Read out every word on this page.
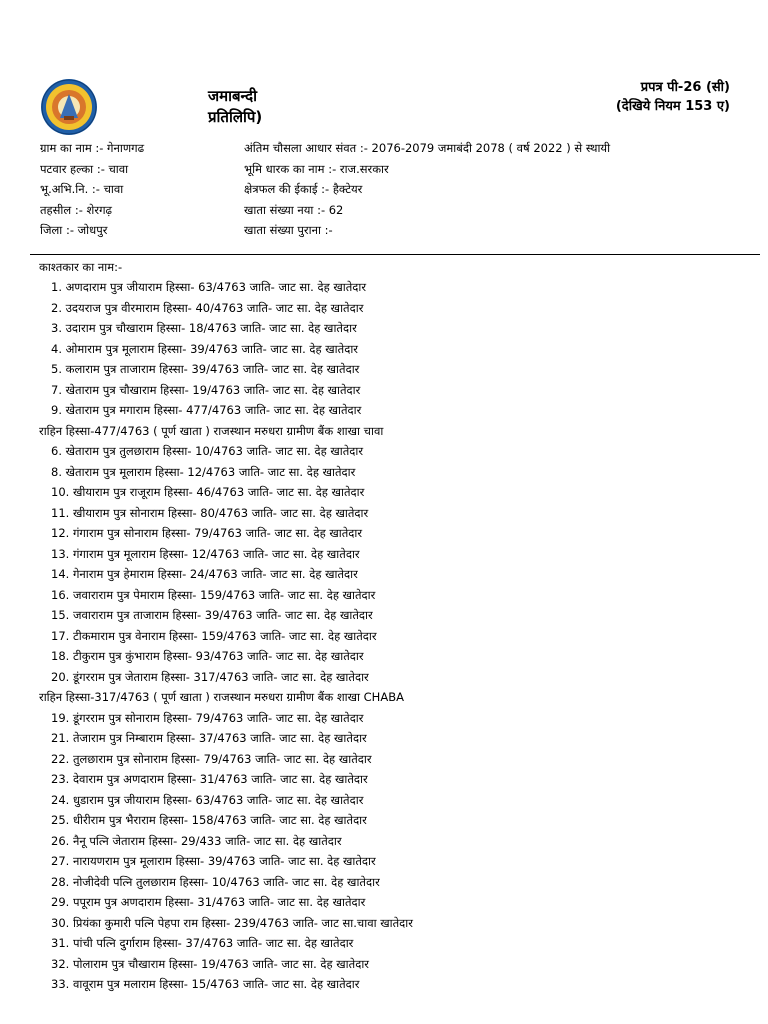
जमाबन्दी
प्रतिलिपि)
प्रपत्र पी-26 (सी)
(देखिये नियम 153 ए)
ग्राम का नाम :- गेनाणगढ
पटवार हल्का :- चावा
भू.अभि.नि. :- चावा
तहसील :- शेरगढ़
जिला :- जोधपुर
अंतिम चौसला आधार संवत :- 2076-2079 जमाबंदी 2078 ( वर्ष 2022 ) से स्थायी
भूमि धारक का नाम :- राज.सरकार
क्षेत्रफल की ईकाई :- हैक्टेयर
खाता संख्या नया :- 62
खाता संख्या पुराना :-
काश्तकार का नाम:-
1. अणदाराम पुत्र जीयाराम हिस्सा- 63/4763 जाति- जाट सा. देह खातेदार
2. उदयराज पुत्र वीरमाराम हिस्सा- 40/4763 जाति- जाट सा. देह खातेदार
3. उदाराम पुत्र चौखाराम हिस्सा- 18/4763 जाति- जाट सा. देह खातेदार
4. ओमाराम पुत्र मूलाराम हिस्सा- 39/4763 जाति- जाट सा. देह खातेदार
5. कलाराम पुत्र ताजाराम हिस्सा- 39/4763 जाति- जाट सा. देह खातेदार
7. खेताराम पुत्र चौखाराम हिस्सा- 19/4763 जाति- जाट सा. देह खातेदार
9. खेताराम पुत्र मगाराम हिस्सा- 477/4763 जाति- जाट सा. देह खातेदार
राहिन हिस्सा-477/4763 ( पूर्ण खाता ) राजस्थान मरुधरा ग्रामीण बैंक शाखा चावा
6. खेताराम पुत्र तुलछाराम हिस्सा- 10/4763 जाति- जाट सा. देह खातेदार
8. खेताराम पुत्र मूलाराम हिस्सा- 12/4763 जाति- जाट सा. देह खातेदार
10. खीयाराम पुत्र राजूराम हिस्सा- 46/4763 जाति- जाट सा. देह खातेदार
11. खीयाराम पुत्र सोनाराम हिस्सा- 80/4763 जाति- जाट सा. देह खातेदार
12. गंगाराम पुत्र सोनाराम हिस्सा- 79/4763 जाति- जाट सा. देह खातेदार
13. गंगाराम पुत्र मूलाराम हिस्सा- 12/4763 जाति- जाट सा. देह खातेदार
14. गेनाराम पुत्र हेमाराम हिस्सा- 24/4763 जाति- जाट सा. देह खातेदार
16. जवाराराम पुत्र पेमाराम हिस्सा- 159/4763 जाति- जाट सा. देह खातेदार
15. जवाराराम पुत्र ताजाराम हिस्सा- 39/4763 जाति- जाट सा. देह खातेदार
17. टीकमाराम पुत्र वेनाराम हिस्सा- 159/4763 जाति- जाट सा. देह खातेदार
18. टीकुराम पुत्र कुंभाराम हिस्सा- 93/4763 जाति- जाट सा. देह खातेदार
20. डूंगरराम पुत्र जेताराम हिस्सा- 317/4763 जाति- जाट सा. देह खातेदार
राहिन हिस्सा-317/4763 ( पूर्ण खाता ) राजस्थान मरुधरा ग्रामीण बैंक शाखा CHABA
19. डूंगरराम पुत्र सोनाराम हिस्सा- 79/4763 जाति- जाट सा. देह खातेदार
21. तेजाराम पुत्र निम्बाराम हिस्सा- 37/4763 जाति- जाट सा. देह खातेदार
22. तुलछाराम पुत्र सोनाराम हिस्सा- 79/4763 जाति- जाट सा. देह खातेदार
23. देवाराम पुत्र अणदाराम हिस्सा- 31/4763 जाति- जाट सा. देह खातेदार
24. धुडाराम पुत्र जीयाराम हिस्सा- 63/4763 जाति- जाट सा. देह खातेदार
25. धीरीराम पुत्र भैराराम हिस्सा- 158/4763 जाति- जाट सा. देह खातेदार
26. नैनू पत्नि जेताराम हिस्सा- 29/433 जाति- जाट सा. देह खातेदार
27. नारायणराम पुत्र मूलाराम हिस्सा- 39/4763 जाति- जाट सा. देह खातेदार
28. नोजीदेवी पत्नि तुलछाराम हिस्सा- 10/4763 जाति- जाट सा. देह खातेदार
29. पपूराम पुत्र अणदाराम हिस्सा- 31/4763 जाति- जाट सा. देह खातेदार
30. प्रियंका कुमारी पत्नि पेहपा राम हिस्सा- 239/4763 जाति- जाट सा.चावा खातेदार
31. पांची पत्नि दुर्गाराम हिस्सा- 37/4763 जाति- जाट सा. देह खातेदार
32. पोलाराम पुत्र चौखाराम हिस्सा- 19/4763 जाति- जाट सा. देह खातेदार
33. वावूराम पुत्र मलाराम हिस्सा- 15/4763 जाति- जाट सा. देह खातेदार
